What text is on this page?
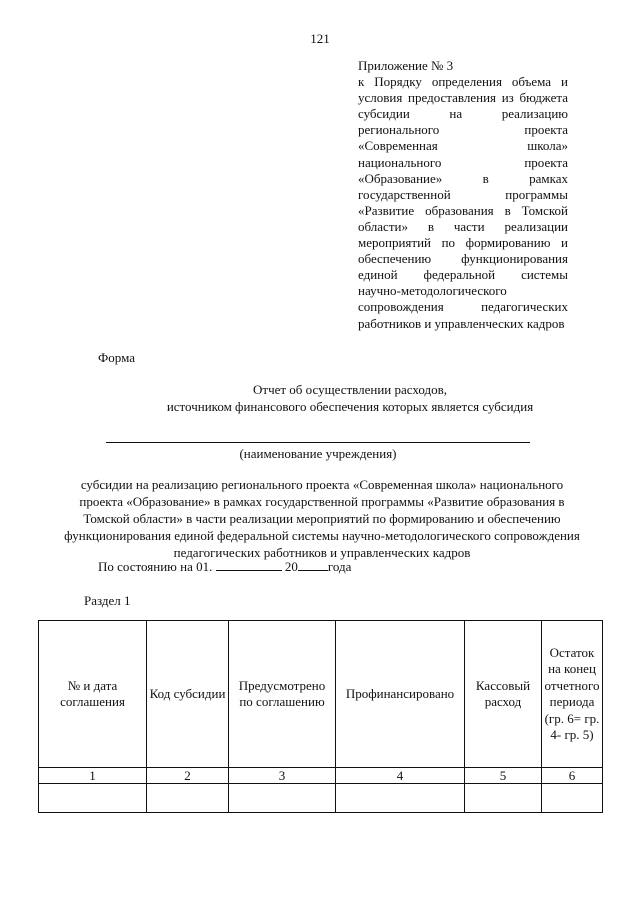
121
Приложение № 3
к Порядку определения объема и условия предоставления из бюджета субсидии на реализацию регионального проекта «Современная школа» национального проекта «Образование» в рамках государственной программы «Развитие образования в Томской области» в части реализации мероприятий по формированию и обеспечению функционирования единой федеральной системы научно-методологического сопровождения педагогических работников и управленческих кадров
Форма
Отчет об осуществлении расходов,
источником финансового обеспечения которых является субсидия
(наименование учреждения)
субсидии на реализацию регионального проекта «Современная школа» национального проекта «Образование» в рамках государственной программы «Развитие образования в Томской области» в части реализации мероприятий по формированию и обеспечению функционирования единой федеральной системы научно-методологического сопровождения педагогических работников и управленческих кадров
По состоянию на 01.	20 года
Раздел 1
№ и дата соглашения	Код субсидии	Предусмотрено по соглашению	Профинансировано	Кассовый расход	Остаток на конец отчетного периода (гр. 6= гр. 4- гр. 5)
1	2	3	4	5	6
